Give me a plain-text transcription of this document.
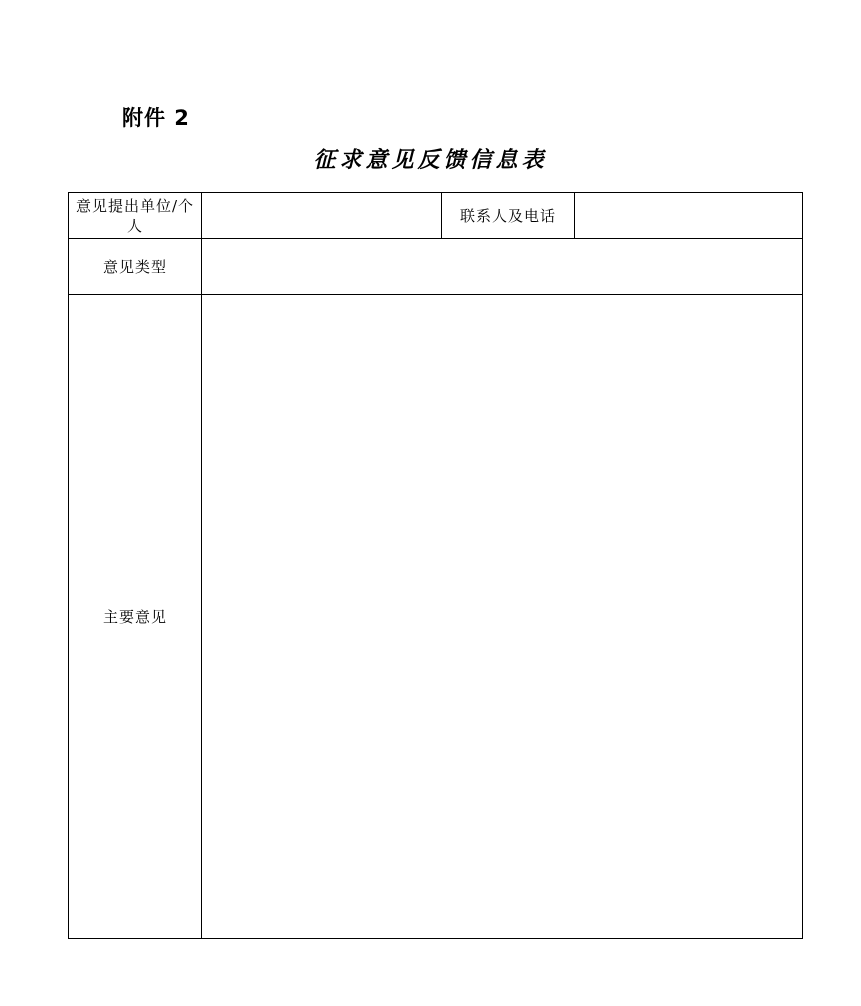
附件 2
征求意见反馈信息表
意见提出单位/个人		联系人及电话	
意见类型			
主要意见			
